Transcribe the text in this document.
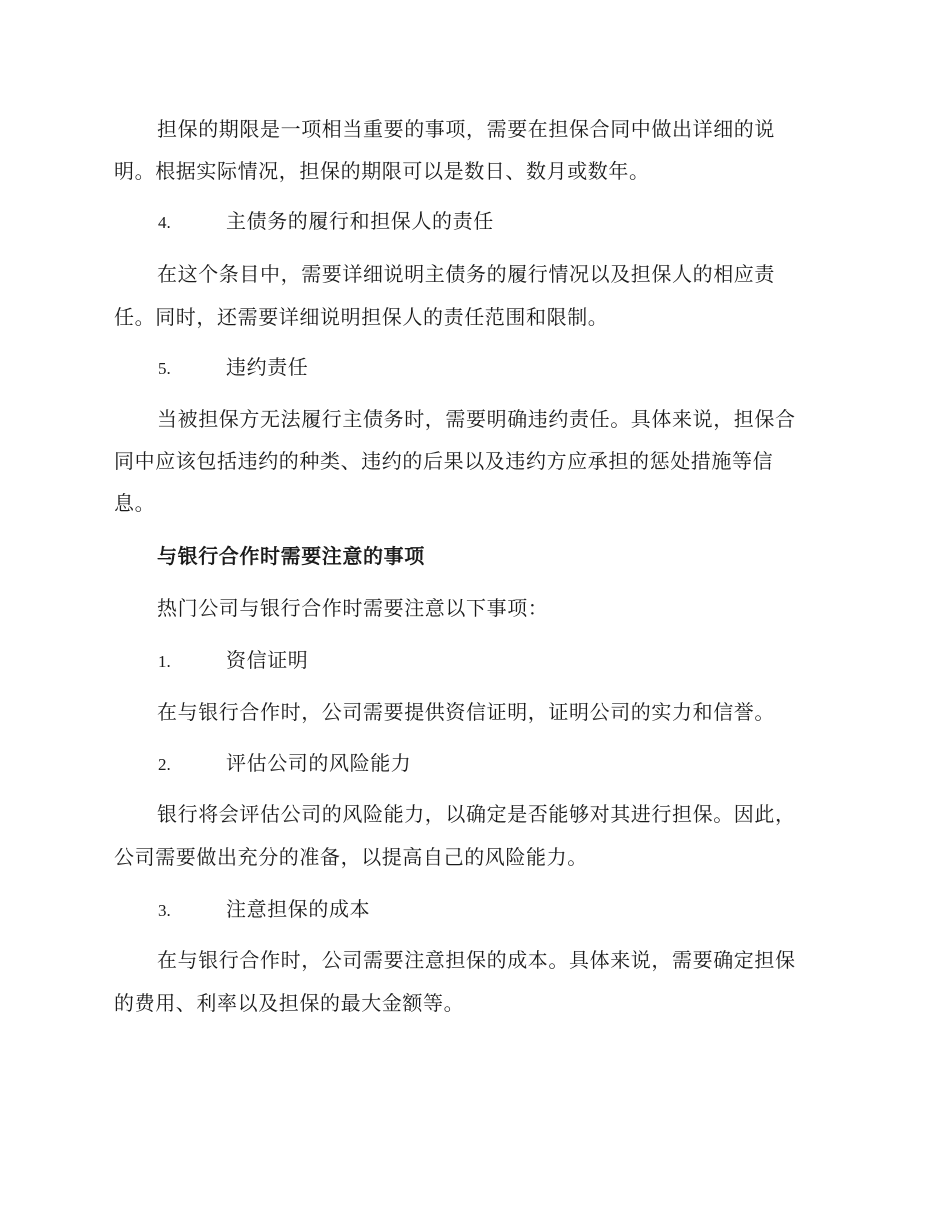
担保的期限是一项相当重要的事项，需要在担保合同中做出详细的说
明。根据实际情况，担保的期限可以是数日、数月或数年。
4.	主债务的履行和担保人的责任
在这个条目中，需要详细说明主债务的履行情况以及担保人的相应责
任。同时，还需要详细说明担保人的责任范围和限制。
5.	违约责任
当被担保方无法履行主债务时，需要明确违约责任。具体来说，担保合
同中应该包括违约的种类、违约的后果以及违约方应承担的惩处措施等信
息。
与银行合作时需要注意的事项
热门公司与银行合作时需要注意以下事项：
1.	资信证明
在与银行合作时，公司需要提供资信证明，证明公司的实力和信誉。
2.	评估公司的风险能力
银行将会评估公司的风险能力，以确定是否能够对其进行担保。因此，
公司需要做出充分的准备，以提高自己的风险能力。
3.	注意担保的成本
在与银行合作时，公司需要注意担保的成本。具体来说，需要确定担保
的费用、利率以及担保的最大金额等。
